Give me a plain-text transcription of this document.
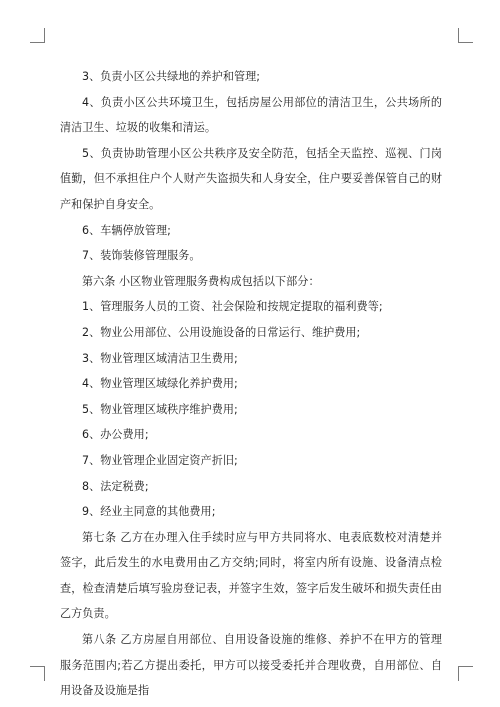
3、负责小区公共绿地的养护和管理;

4、负责小区公共环境卫生，包括房屋公用部位的清洁卫生，公共场所的清洁卫生、垃圾的收集和清运。

5、负责协助管理小区公共秩序及安全防范，包括全天监控、巡视、门岗值勤，但不承担住户个人财产失盗损失和人身安全，住户要妥善保管自己的财产和保护自身安全。

6、车辆停放管理;

7、装饰装修管理服务。

第六条 小区物业管理服务费构成包括以下部分：

1、管理服务人员的工资、社会保险和按规定提取的福利费等;

2、物业公用部位、公用设施设备的日常运行、维护费用;

3、物业管理区域清洁卫生费用;

4、物业管理区域绿化养护费用;

5、物业管理区域秩序维护费用;

6、办公费用;

7、物业管理企业固定资产折旧;

8、法定税费;

9、经业主同意的其他费用;

第七条 乙方在办理入住手续时应与甲方共同将水、电表底数校对清楚并签字，此后发生的水电费用由乙方交纳;同时，将室内所有设施、设备清点检查，检查清楚后填写验房登记表，并签字生效，签字后发生破坏和损失责任由乙方负责。

第八条 乙方房屋自用部位、自用设备设施的维修、养护不在甲方的管理服务范围内;若乙方提出委托，甲方可以接受委托并合理收费，自用部位、自用设备及设施是指
